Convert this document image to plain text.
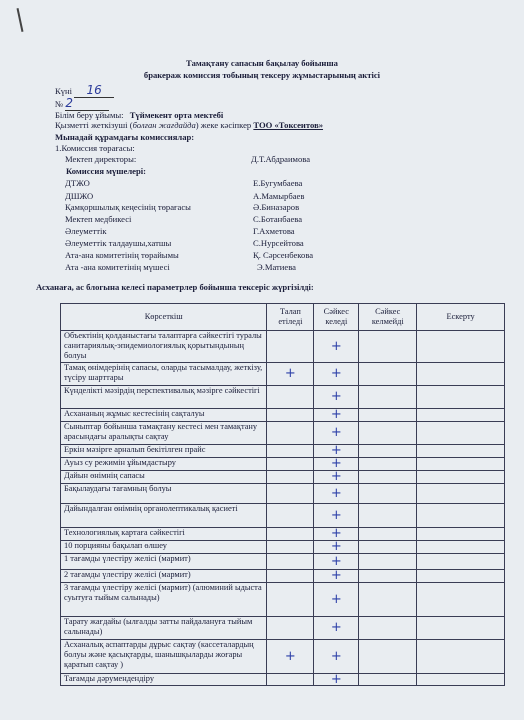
Тамақтану сапасын бақылау бойынша
бракераж комиссия тобының тексеру жұмыстарының актісі
Күні 16
№ 2
Білім беру ұйымы: Түймекент орта мектебі
Қызметті жеткізуші (болған жағдайда) жеке кәсіпкер ТОО «Токсеитов»
Мынадай құрамдағы комиссиялар:
1.Комиссия төрағасы:
Мектеп директоры:	Д.Т.Абдраимова
Комиссия мүшелері:
ДТЖО	Е.Бугумбаева
ДШЖО	А.Мамырбаев
Қамқоршылық кеңесінің төрағасы	Ә.Биназаров
Мектеп медбикесі	С.Ботанбаева
Әлеуметтік	Г.Ахметова
Әлеуметтік талдаушы,хатшы	С.Нурсейтова
Ата-ана комитетінің төрайымы	Қ. Сәрсенбекова
Ата -ана комитетінің мүшесі	Э.Матиева
Асханаға, ас блогына келесі параметрлер бойынша тексеріс жүргізілді:
Көрсеткіш	Талап етіледі	Сәйкес келеді	Сәйкес келмейді	Ескерту
Объектінің қолданыстағы талаптарға сәйкестігі туралы санитариялық-эпидемиологиялық қорытындының болуы		+		
Тамақ өнімдерінің сапасы, оларды тасымалдау, жеткізу, түсіру шарттары	+	+		
Күнделікті мәзірдің перспективалық мәзірге сәйкестігі		+		
Асхананың жұмыс кестесінің сақталуы		+		
Сыныптар бойынша тамақтану кестесі мен тамақтану арасындағы аралықты сақтау		+		
Еркін мәзірге арналып бекітілген прайс		+		
Ауыз су режимін ұйымдастыру		+		
Дайын өнімнің сапасы		+		
Бақылаудағы тағамның болуы		+		
Дайындалған өнімнің органолептикалық қасиеті		+		
Технологиялық картаға сәйкестігі		+		
10 порцияны бақылап өлшеу		+		
1 тағамды үлестіру желісі (мармит)		+		
2 тағамды үлестіру желісі (мармит)		+		
3 тағамды үлестіру желісі (мармит) (алюминий ыдыста суытуға тыйым салынады)		+		
Тарату жағдайы (ылғалды затты пайдалануға тыйым салынады)		+		
Асханалық аспаптарды дұрыс сақтау (кассеталардың болуы және қасықтарды, шанышқыларды жоғары қаратып сақтау )	+	+		
Тағамды дәрумендендіру		+		
